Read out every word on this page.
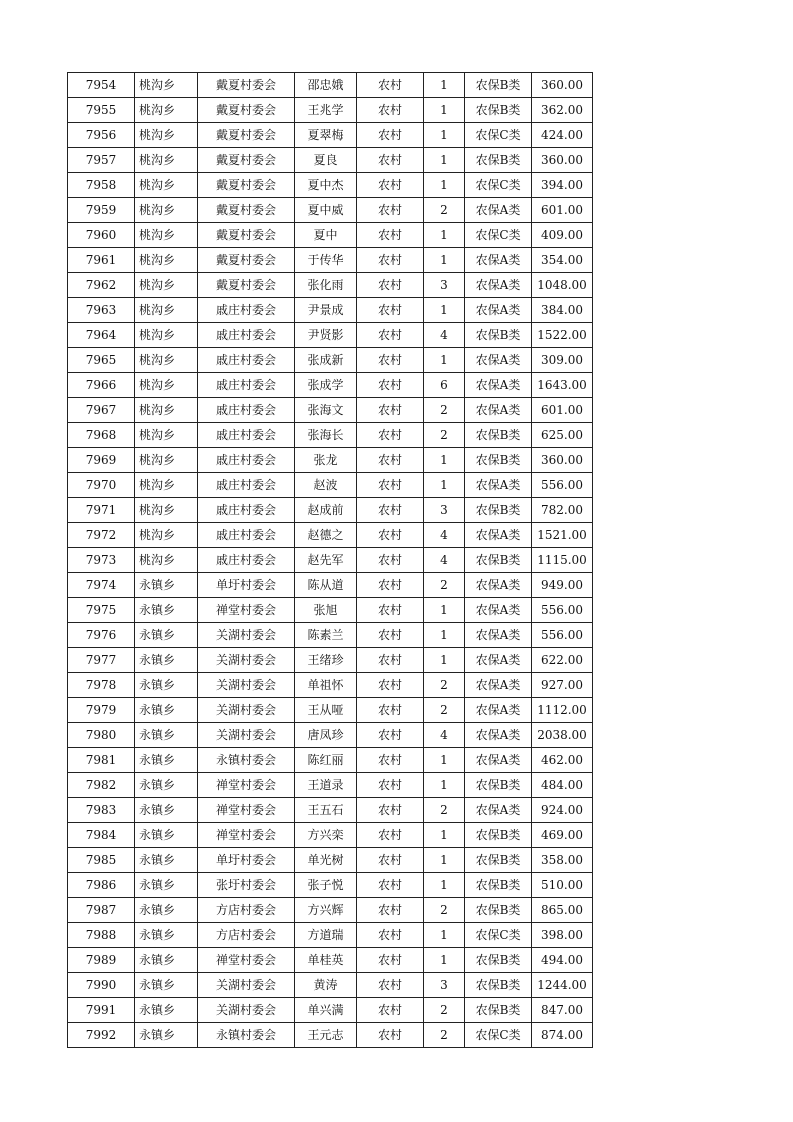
7954	桃沟乡	戴夏村委会	邵忠娥	农村	1	农保B类	360.00
7955	桃沟乡	戴夏村委会	王兆学	农村	1	农保B类	362.00
7956	桃沟乡	戴夏村委会	夏翠梅	农村	1	农保C类	424.00
7957	桃沟乡	戴夏村委会	夏良	农村	1	农保B类	360.00
7958	桃沟乡	戴夏村委会	夏中杰	农村	1	农保C类	394.00
7959	桃沟乡	戴夏村委会	夏中威	农村	2	农保A类	601.00
7960	桃沟乡	戴夏村委会	夏中	农村	1	农保C类	409.00
7961	桃沟乡	戴夏村委会	于传华	农村	1	农保A类	354.00
7962	桃沟乡	戴夏村委会	张化雨	农村	3	农保A类	1048.00
7963	桃沟乡	戚庄村委会	尹景成	农村	1	农保A类	384.00
7964	桃沟乡	戚庄村委会	尹贤影	农村	4	农保B类	1522.00
7965	桃沟乡	戚庄村委会	张成新	农村	1	农保A类	309.00
7966	桃沟乡	戚庄村委会	张成学	农村	6	农保A类	1643.00
7967	桃沟乡	戚庄村委会	张海文	农村	2	农保A类	601.00
7968	桃沟乡	戚庄村委会	张海长	农村	2	农保B类	625.00
7969	桃沟乡	戚庄村委会	张龙	农村	1	农保B类	360.00
7970	桃沟乡	戚庄村委会	赵波	农村	1	农保A类	556.00
7971	桃沟乡	戚庄村委会	赵成前	农村	3	农保B类	782.00
7972	桃沟乡	戚庄村委会	赵德之	农村	4	农保A类	1521.00
7973	桃沟乡	戚庄村委会	赵先军	农村	4	农保B类	1115.00
7974	永镇乡	单圩村委会	陈从道	农村	2	农保A类	949.00
7975	永镇乡	禅堂村委会	张旭	农村	1	农保A类	556.00
7976	永镇乡	关湖村委会	陈素兰	农村	1	农保A类	556.00
7977	永镇乡	关湖村委会	王绪珍	农村	1	农保A类	622.00
7978	永镇乡	关湖村委会	单祖怀	农村	2	农保A类	927.00
7979	永镇乡	关湖村委会	王从哑	农村	2	农保A类	1112.00
7980	永镇乡	关湖村委会	唐凤珍	农村	4	农保A类	2038.00
7981	永镇乡	永镇村委会	陈红丽	农村	1	农保A类	462.00
7982	永镇乡	禅堂村委会	王道录	农村	1	农保B类	484.00
7983	永镇乡	禅堂村委会	王五石	农村	2	农保A类	924.00
7984	永镇乡	禅堂村委会	方兴栾	农村	1	农保B类	469.00
7985	永镇乡	单圩村委会	单光树	农村	1	农保B类	358.00
7986	永镇乡	张圩村委会	张子悦	农村	1	农保B类	510.00
7987	永镇乡	方店村委会	方兴辉	农村	2	农保B类	865.00
7988	永镇乡	方店村委会	方道瑞	农村	1	农保C类	398.00
7989	永镇乡	禅堂村委会	单桂英	农村	1	农保B类	494.00
7990	永镇乡	关湖村委会	黄涛	农村	3	农保B类	1244.00
7991	永镇乡	关湖村委会	单兴满	农村	2	农保B类	847.00
7992	永镇乡	永镇村委会	王元志	农村	2	农保C类	874.00
